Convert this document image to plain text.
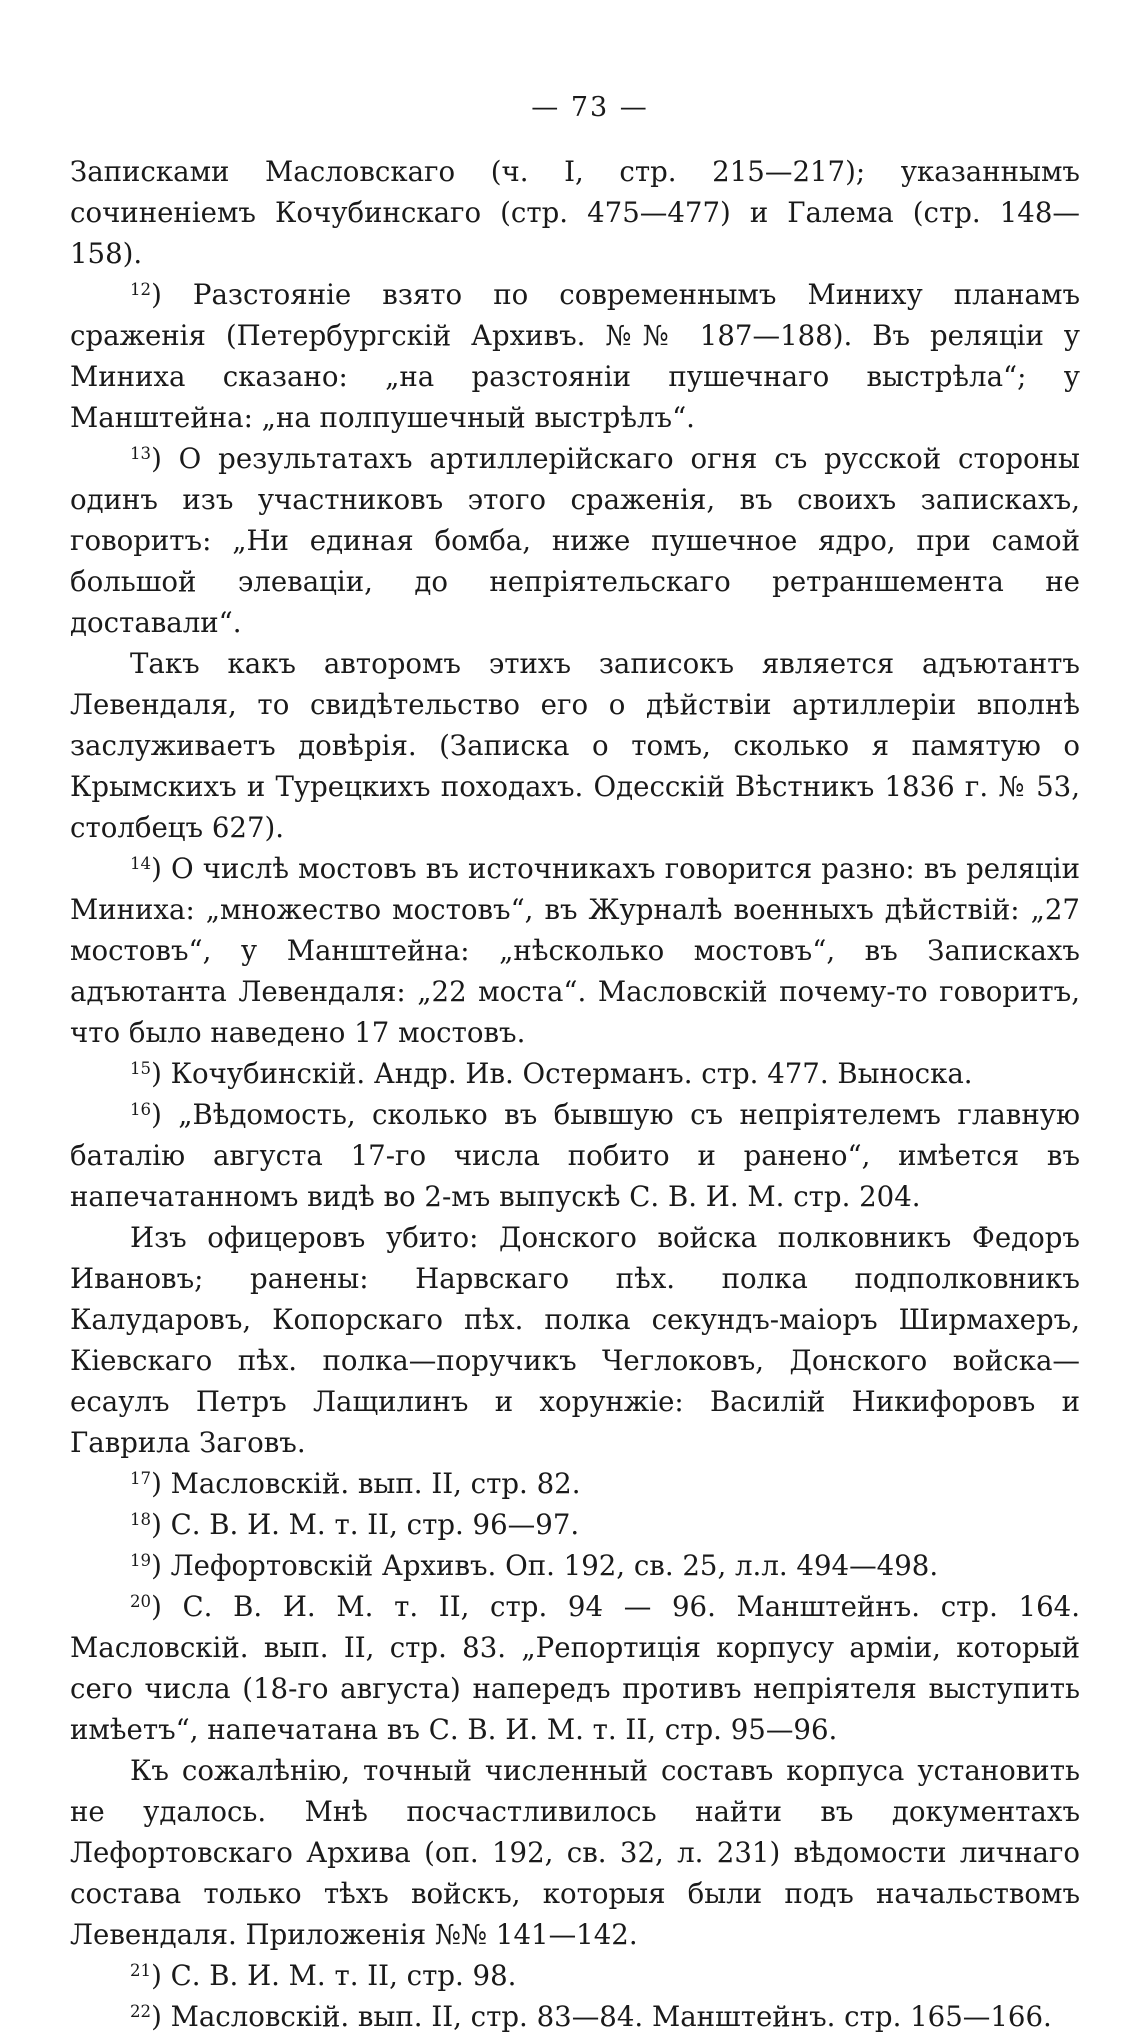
— 73 —

Записками Масловскаго (ч. I, стр. 215—217); указаннымъ сочиненіемъ Кочубинскаго (стр. 475—477) и Галема (стр. 148—158).

$^{12}$) Разстояніе взято по современнымъ Миниху планамъ сраженія (Петербургскій Архивъ. №№ 187—188). Въ реляціи у Миниха сказано: „на разстояніи пушечнаго выстрѣла“; у Манштейна: „на полпушечный выстрѣлъ“.

$^{13}$) О результатахъ артиллерійскаго огня съ русской стороны одинъ изъ участниковъ этого сраженія, въ своихъ запискахъ, говоритъ: „Ни единая бомба, ниже пушечное ядро, при самой большой элеваціи, до непріятельскаго ретраншемента не доставали“.

Такъ какъ авторомъ этихъ записокъ является адъютантъ Левендаля, то свидѣтельство его о дѣйствіи артиллеріи вполнѣ заслуживаетъ довѣрія. (Записка о томъ, сколько я памятую о Крымскихъ и Турецкихъ походахъ. Одесскій Вѣстникъ 1836 г. № 53, столбецъ 627).

$^{14}$) О числѣ мостовъ въ источникахъ говорится разно: въ реляціи Миниха: „множество мостовъ“, въ Журналѣ военныхъ дѣйствій: „27 мостовъ“, у Манштейна: „нѣсколько мостовъ“, въ Запискахъ адъютанта Левендаля: „22 моста“. Масловскій почему-то говоритъ, что было наведено 17 мостовъ.

$^{15}$) Кочубинскій. Андр. Ив. Остерманъ. стр. 477. Выноска.

$^{16}$) „Вѣдомость, сколько въ бывшую съ непріятелемъ главную баталію августа 17-го числа побито и ранено“, имѣется въ напечатанномъ видѣ во 2-мъ выпускѣ С. В. И. М. стр. 204.

Изъ офицеровъ убито: Донского войска полковникъ Федоръ Ивановъ; ранены: Нарвскаго пѣх. полка подполковникъ Калударовъ, Копорскаго пѣх. полка секундъ-маіоръ Ширмахеръ, Кіевскаго пѣх. полка—поручикъ Чеглоковъ, Донского войска—есаулъ Петръ Лащилинъ и хорунжіе: Василій Никифоровъ и Гаврила Заговъ.

$^{17}$) Масловскій. вып. II, стр. 82.

$^{18}$) С. В. И. М. т. II, стр. 96—97.

$^{19}$) Лефортовскій Архивъ. Оп. 192, св. 25, л.л. 494—498.

$^{20}$) С. В. И. М. т. II, стр. 94 — 96. Манштейнъ. стр. 164. Масловскій. вып. II, стр. 83. „Репортиція корпусу арміи, который сего числа (18-го августа) напередъ противъ непріятеля выступить имѣетъ“, напечатана въ С. В. И. М. т. II, стр. 95—96.

Къ сожалѣнію, точный численный составъ корпуса установить не удалось. Мнѣ посчастливилось найти въ документахъ Лефортовскаго Архива (оп. 192, св. 32, л. 231) вѣдомости личнаго состава только тѣхъ войскъ, которыя были подъ начальствомъ Левендаля. Приложенія №№ 141—142.

$^{21}$) С. В. И. М. т. II, стр. 98.

$^{22}$) Масловскій. вып. II, стр. 83—84. Манштейнъ. стр. 165—166.
